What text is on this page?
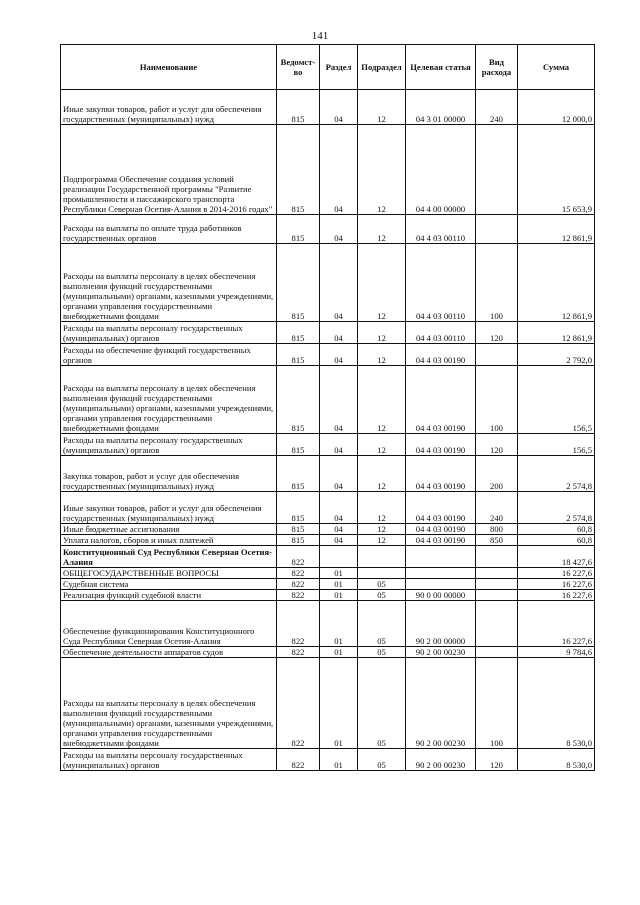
141
Наименование	Ведомст-во	Раздел	Подраздел	Целевая статья	Вид расхода	Сумма
Иные закупки товаров, работ и услуг для обеспечения государственных (муниципальных) нужд	815	04	12	04 3 01 00000	240	12 000,0
Подпрограмма Обеспечение создания условий реализации Государственной программы "Развитие промышленности и пассажирского транспорта Республики Северная Осетия-Алания в 2014-2016 годах"	815	04	12	04 4 00 00000		15 653,9
Расходы на выплаты по оплате труда работников государственных органов	815	04	12	04 4 03 00110		12 861,9
Расходы на выплаты персоналу в целях обеспечения выполнения функций государственными (муниципальными) органами, казенными учреждениями, органами управления государственными внебюджетными фондами	815	04	12	04 4 03 00110	100	12 861,9
Расходы на выплаты персоналу государственных (муниципальных) органов	815	04	12	04 4 03 00110	120	12 861,9
Расходы на обеспечение функций государственных органов	815	04	12	04 4 03 00190		2 792,0
Расходы на выплаты персоналу в целях обеспечения выполнения функций государственными (муниципальными) органами, казенными учреждениями, органами управления государственными внебюджетными фондами	815	04	12	04 4 03 00190	100	156,5
Расходы на выплаты персоналу государственных (муниципальных) органов	815	04	12	04 4 03 00190	120	156,5
Закупка товаров, работ и услуг для обеспечения государственных (муниципальных) нужд	815	04	12	04 4 03 00190	200	2 574,8
Иные закупки товаров, работ и услуг для обеспечения государственных (муниципальных) нужд	815	04	12	04 4 03 00190	240	2 574,8
Иные бюджетные ассигнования	815	04	12	04 4 03 00190	800	60,8
Уплата налогов, сборов и иных платежей	815	04	12	04 4 03 00190	850	60,8
Конституционный Суд Республики Северная Осетия-Алания	822					18 427,6
ОБЩЕГОСУДАРСТВЕННЫЕ ВОПРОСЫ	822	01				16 227,6
Судебная система	822	01	05			16 227,6
Реализация функций судебной власти	822	01	05	90 0 00 00000		16 227,6
Обеспечение функционирования Конституционного Суда Республики Северная Осетия-Алания	822	01	05	90 2 00 00000		16 227,6
Обеспечение деятельности аппаратов судов	822	01	05	90 2 00 00230		9 784,6
Расходы на выплаты персоналу в целях обеспечения выполнения функций государственными (муниципальными) органами, казенными учреждениями, органами управления государственными внебюджетными фондами	822	01	05	90 2 00 00230	100	8 530,0
Расходы на выплаты персоналу государственных (муниципальных) органов	822	01	05	90 2 00 00230	120	8 530,0
